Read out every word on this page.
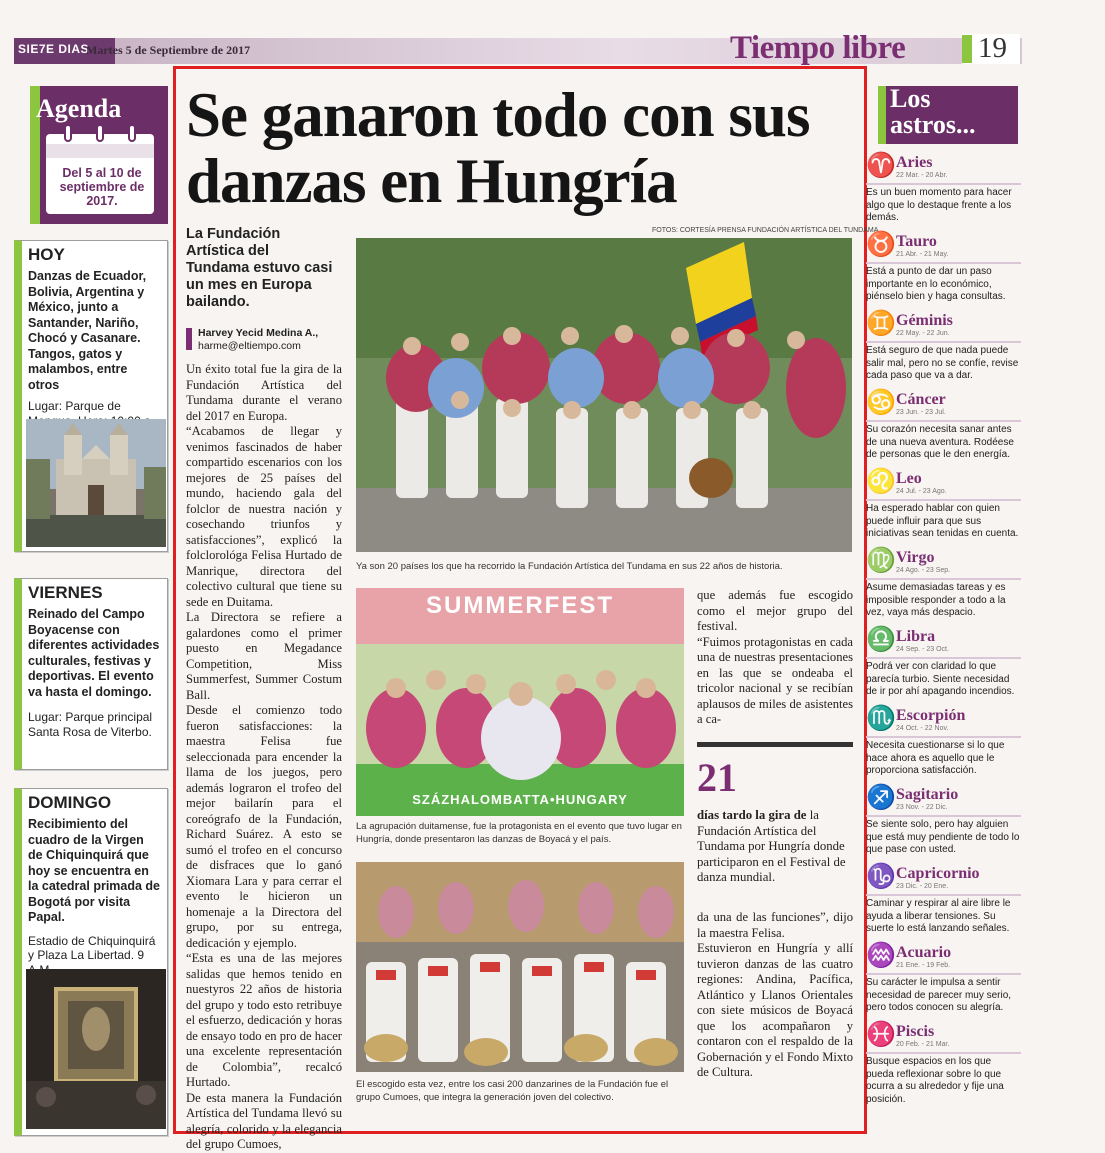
SIE7E DIAS
Martes 5 de Septiembre de 2017	Tiempo libre	19
Agenda
Del 5 al 10 de septiembre de 2017.
HOY
Danzas de Ecuador, Bolivia, Argentina y México, junto a Santander, Nariño, Chocó y Casanare. Tangos, gatos y malambos, entre otros
Lugar: Parque de
VIERNES
Reinado del Campo Boyacense con diferentes actividades culturales, festivas y deportivas. El evento va hasta el domingo.
Lugar: Parque principal Santa Rosa de Viterbo.
DOMINGO
Recibimiento del cuadro de la Virgen de Chiquinquirá que hoy se encuentra en la catedral primada de Bogotá por visita Papal.
Estadio de Chiquinquirá y Plaza La Libertad. 9
Se ganaron todo con sus danzas en Hungría
La Fundación Artística del Tundama estuvo casi un mes en Europa bailando.
Harvey Yecid Medina A.,
harme@eltiempo.com
FOTOS: CORTESÍA PRENSA FUNDACIÓN ARTÍSTICA DEL TUNDAMA
Ya son 20 países los que ha recorrido la Fundación Artística del Tundama en sus 22 años de historia.
Un éxito total fue la gira de la Fundación Artística del Tundama durante el verano del 2017 en Europa.
“Acabamos de llegar y venimos fascinados de haber compartido escenarios con los mejores de 25 países del mundo, haciendo gala del folclor de nuestra nación y cosechando triunfos y satisfacciones”, explicó la folclorológa Felisa Hurtado de Manrique, directora del colectivo cultural que tiene su sede en Duitama.
La Directora se refiere a galardones como el primer puesto en Megadance Competition, Miss Summerfest, Summer Costum Ball.
Desde el comienzo todo fueron satisfacciones: la maestra Felisa fue seleccionada para encender la llama de los juegos, pero además lograron el trofeo del mejor bailarín para el coreógrafo de la Fundación, Richard Suárez. A esto se sumó el trofeo en el concurso de disfraces que lo ganó Xiomara Lara y para cerrar el evento le hicieron un homenaje a la Directora del grupo, por su entrega, dedicación y ejemplo.
“Esta es una de las mejores salidas que hemos tenido en nuestyros 22 años de historia del grupo y todo esto retribuye el esfuerzo, dedicación y horas de ensayo todo en pro de hacer una excelente representación de Colombia”, recalcó Hurtado.
De esta manera la Fundación Artística del Tundama llevó su alegría, colorido y la elegancia del grupo Cumoes,
SUMMERFEST
SZÁZHALOMBATTA•HUNGARY
La agrupación duitamense, fue la protagonista en el evento que tuvo lugar en Hungría, donde presentaron las danzas de Boyacá y el país.
El escogido esta vez, entre los casi 200 danzarines de la Fundación fue el grupo Cumoes, que integra la generación joven del colectivo.
que además fue escogido como el mejor grupo del festival.
“Fuimos protagonistas en cada una de nuestras presentaciones en las que se ondeaba el tricolor nacional y se recibían aplausos de miles de asistentes a ca-
21
días tardo la gira de la Fundación Artística del Tundama por Hungría donde participaron en el Festival de danza mundial.
da una de las funciones”, dijo la maestra Felisa.
Estuvieron en Hungría y allí tuvieron danzas de las cuatro regiones: Andina, Pacífica, Atlántico y Llanos Orientales con siete músicos de Boyacá que los acompañaron y contaron con el respaldo de la Gobernación y el Fondo Mixto de Cultura.
Los astros...
♈ Aries
22 Mar. - 20 Abr.
Es un buen momento para hacer algo que lo destaque frente a los demás.
♉ Tauro
21 Abr. - 21 May.
Está a punto de dar un paso importante en lo económico, piénselo bien y haga consultas.
♊ Géminis
22 May. - 22 Jun.
Está seguro de que nada puede salir mal, pero no se confíe, revise cada paso que va a dar.
♋ Cáncer
23 Jun. - 23 Jul.
Su corazón necesita sanar antes de una nueva aventura. Rodéese de personas que le den energía.
♌ Leo
24 Jul. - 23 Ago.
Ha esperado hablar con quien puede influir para que sus iniciativas sean tenidas en cuenta.
♍ Virgo
24 Ago. - 23 Sep.
Asume demasiadas tareas y es imposible responder a todo a la vez, vaya más despacio.
♎ Libra
24 Sep. - 23 Oct.
Podrá ver con claridad lo que parecía turbio. Siente necesidad de ir por ahí apagando incendios.
♏ Escorpión
24 Oct. - 22 Nov.
Necesita cuestionarse si lo que hace ahora es aquello que le proporciona satisfacción.
♐ Sagitario
23 Nov. - 22 Dic.
Se siente solo, pero hay alguien que está muy pendiente de todo lo que pase con usted.
♑ Capricornio
23 Dic. - 20 Ene.
Caminar y respirar al aire libre le ayuda a liberar tensiones. Su suerte lo está lanzando señales.
♒ Acuario
21 Ene. - 19 Feb.
Su carácter le impulsa a sentir necesidad de parecer muy serio, pero todos conocen su alegría.
♓ Piscis
20 Feb. - 21 Mar.
Busque espacios en los que pueda reflexionar sobre lo que ocurra a su alrededor y fije una posición.
